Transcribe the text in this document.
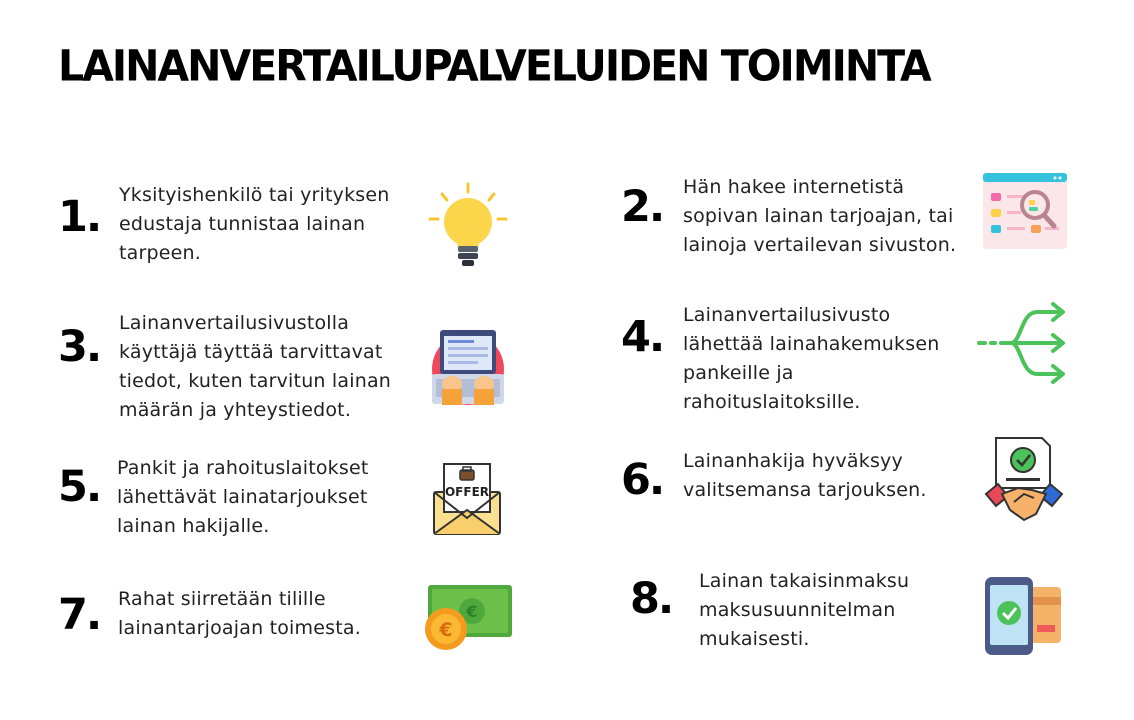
LAINANVERTAILUPALVELUIDEN TOIMINTA
1. Yksityishenkilö tai yrityksen
edustaja tunnistaa lainan
tarpeen.
2. Hän hakee internetistä
sopivan lainan tarjoajan, tai
lainoja vertailevan sivuston.
3. Lainanvertailusivustolla
käyttäjä täyttää tarvittavat
tiedot, kuten tarvitun lainan
määrän ja yhteystiedot.
4. Lainanvertailusivusto
lähettää lainahakemuksen
pankeille ja
rahoituslaitoksille.
5. Pankit ja rahoituslaitokset
lähettävät lainatarjoukset
lainan hakijalle.
OFFER	6. Lainanhakija hyväksyy
valitsemansa tarjouksen.
7. Rahat siirretään tilille
lainantarjoajan toimesta.
€
€
8. Lainan takaisinmaksu
maksusuunnitelman
mukaisesti.
